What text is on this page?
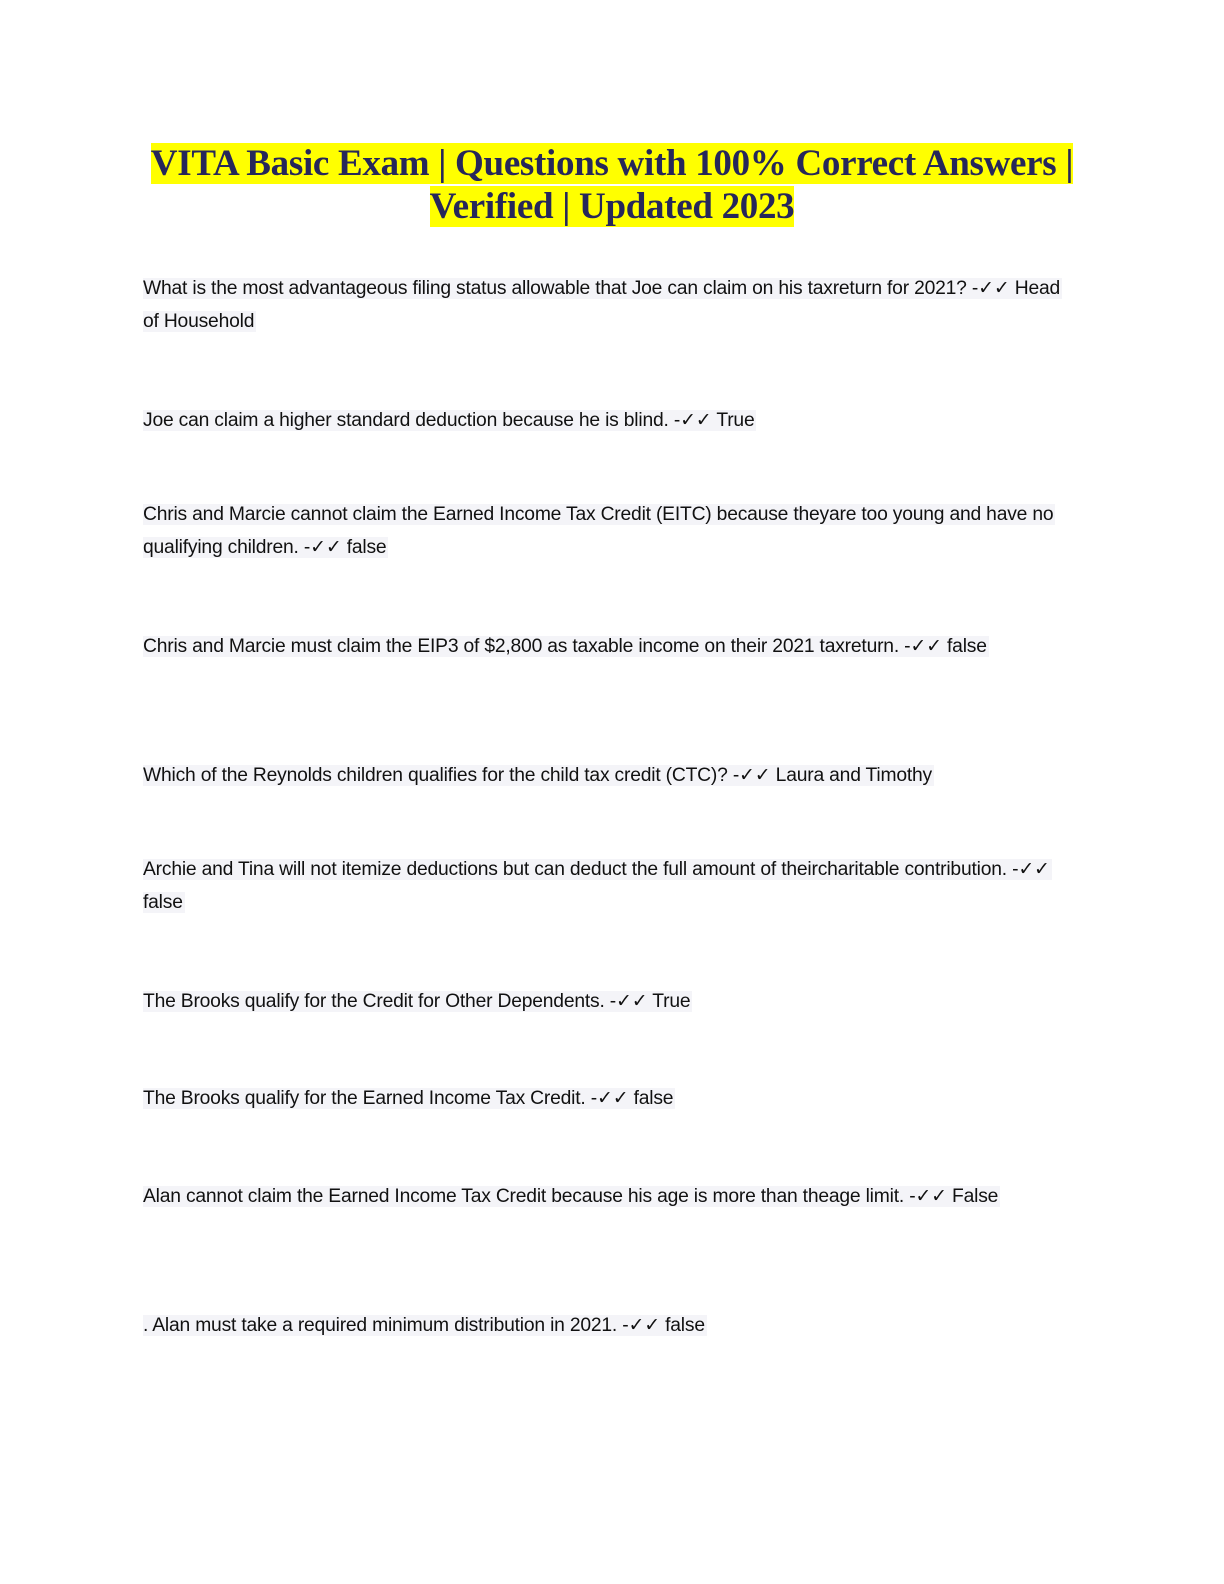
VITA Basic Exam | Questions with 100% Correct Answers | Verified | Updated 2023
What is the most advantageous filing status allowable that Joe can claim on his taxreturn for 2021? -✓✓ Head of Household
Joe can claim a higher standard deduction because he is blind. -✓✓ True
Chris and Marcie cannot claim the Earned Income Tax Credit (EITC) because theyare too young and have no qualifying children. -✓✓ false
Chris and Marcie must claim the EIP3 of $2,800 as taxable income on their 2021 taxreturn. -✓✓ false
Which of the Reynolds children qualifies for the child tax credit (CTC)? -✓✓ Laura and Timothy
Archie and Tina will not itemize deductions but can deduct the full amount of theircharitable contribution. -✓✓ false
The Brooks qualify for the Credit for Other Dependents. -✓✓ True
The Brooks qualify for the Earned Income Tax Credit. -✓✓ false
Alan cannot claim the Earned Income Tax Credit because his age is more than theage limit. -✓✓ False
. Alan must take a required minimum distribution in 2021. -✓✓ false
